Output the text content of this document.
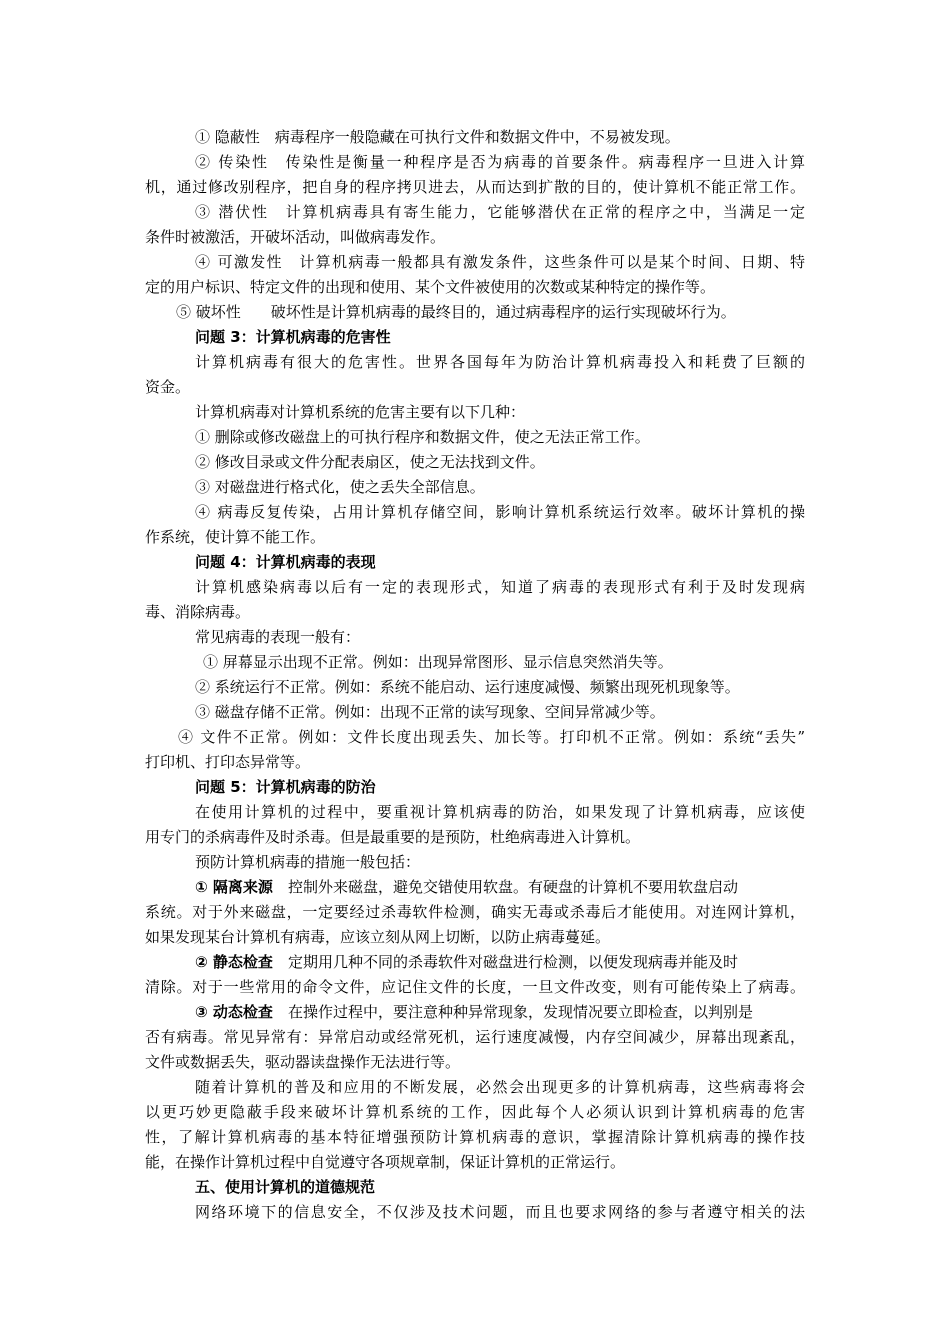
① 隐蔽性　病毒程序一般隐藏在可执行文件和数据文件中，不易被发现。
② 传染性　传染性是衡量一种程序是否为病毒的首要条件。病毒程序一旦进入计算
机，通过修改别程序，把自身的程序拷贝进去，从而达到扩散的目的，使计算机不能正常工作。
③ 潜伏性　计算机病毒具有寄生能力，它能够潜伏在正常的程序之中，当满足一定
条件时被激活，开破坏活动，叫做病毒发作。
④ 可激发性　计算机病毒一般都具有激发条件，这些条件可以是某个时间、日期、特
定的用户标识、特定文件的出现和使用、某个文件被使用的次数或某种特定的操作等。
⑤ 破坏性　　破坏性是计算机病毒的最终目的，通过病毒程序的运行实现破坏行为。
问题 3：计算机病毒的危害性
计算机病毒有很大的危害性。世界各国每年为防治计算机病毒投入和耗费了巨额的
资金。
计算机病毒对计算机系统的危害主要有以下几种：
① 删除或修改磁盘上的可执行程序和数据文件，使之无法正常工作。
② 修改目录或文件分配表扇区，使之无法找到文件。
③ 对磁盘进行格式化，使之丢失全部信息。
④ 病毒反复传染，占用计算机存储空间，影响计算机系统运行效率。破坏计算机的操
作系统，使计算不能工作。
问题 4：计算机病毒的表现
计算机感染病毒以后有一定的表现形式，知道了病毒的表现形式有利于及时发现病
毒、消除病毒。
常见病毒的表现一般有：
① 屏幕显示出现不正常。例如：出现异常图形、显示信息突然消失等。
② 系统运行不正常。例如：系统不能启动、运行速度减慢、频繁出现死机现象等。
③ 磁盘存储不正常。例如：出现不正常的读写现象、空间异常减少等。
④ 文件不正常。例如：文件长度出现丢失、加长等。打印机不正常。例如：系统“丢失”
打印机、打印态异常等。
问题 5：计算机病毒的防治
在使用计算机的过程中，要重视计算机病毒的防治，如果发现了计算机病毒，应该使
用专门的杀病毒件及时杀毒。但是最重要的是预防，杜绝病毒进入计算机。
预防计算机病毒的措施一般包括：
① 隔离来源　 控制外来磁盘，避免交错使用软盘。有硬盘的计算机不要用软盘启动
系统。对于外来磁盘，一定要经过杀毒软件检测，确实无毒或杀毒后才能使用。对连网计算机，
如果发现某台计算机有病毒，应该立刻从网上切断，以防止病毒蔓延。
② 静态检查　 定期用几种不同的杀毒软件对磁盘进行检测，以便发现病毒并能及时
清除。对于一些常用的命令文件，应记住文件的长度，一旦文件改变，则有可能传染上了病毒。
③ 动态检查　 在操作过程中，要注意种种异常现象，发现情况要立即检查，以判别是
否有病毒。常见异常有：异常启动或经常死机，运行速度减慢，内存空间减少，屏幕出现紊乱，
文件或数据丢失，驱动器读盘操作无法进行等。
随着计算机的普及和应用的不断发展，必然会出现更多的计算机病毒，这些病毒将会
以更巧妙更隐蔽手段来破坏计算机系统的工作，因此每个人必须认识到计算机病毒的危害
性，了解计算机病毒的基本特征增强预防计算机病毒的意识，掌握清除计算机病毒的操作技
能，在操作计算机过程中自觉遵守各项规章制，保证计算机的正常运行。
五、使用计算机的道德规范
网络环境下的信息安全，不仅涉及技术问题，而且也要求网络的参与者遵守相关的法
